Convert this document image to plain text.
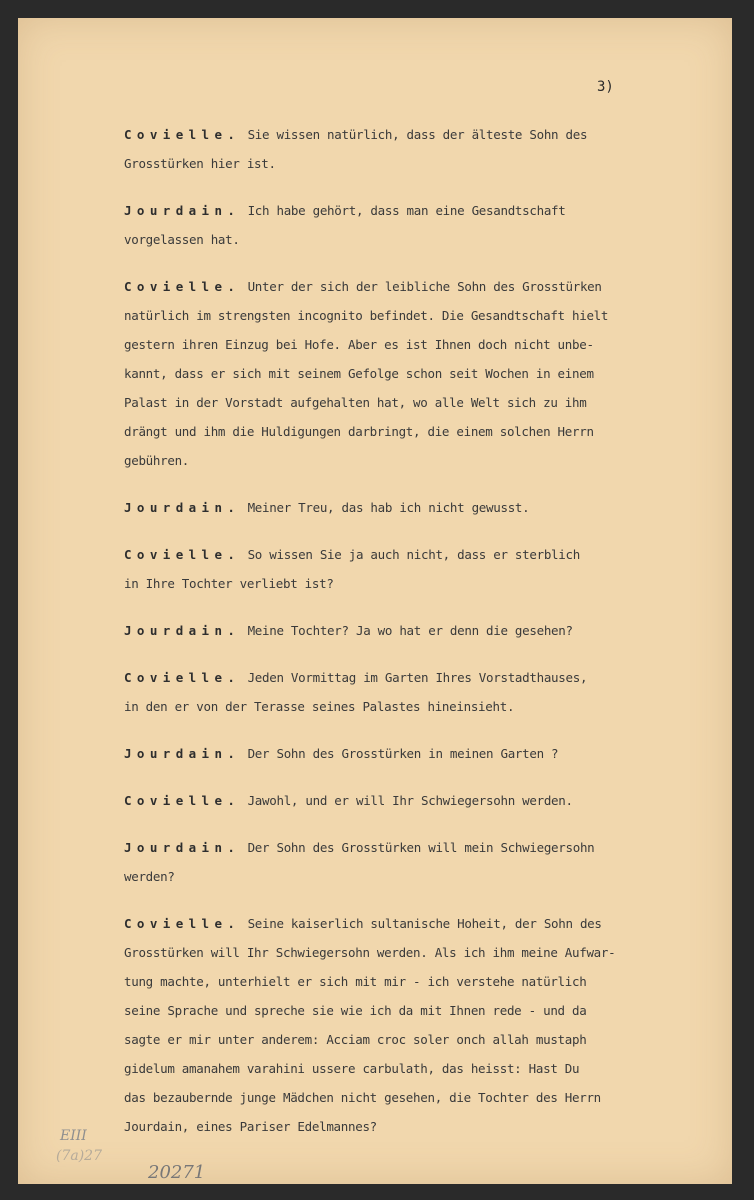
3)
Covielle. Sie wissen natürlich, dass der älteste Sohn des
Grosstürken hier ist.
Jourdain. Ich habe gehört, dass man eine Gesandtschaft
vorgelassen hat.
Covielle. Unter der sich der leibliche Sohn des Grosstürken
natürlich im strengsten incognito befindet. Die Gesandtschaft hielt
gestern ihren Einzug bei Hofe. Aber es ist Ihnen doch nicht unbe-
kannt, dass er sich mit seinem Gefolge schon seit Wochen in einem
Palast in der Vorstadt aufgehalten hat, wo alle Welt sich zu ihm
drängt und ihm die Huldigungen darbringt, die einem solchen Herrn
gebühren.
Jourdain. Meiner Treu, das hab ich nicht gewusst.
Covielle. So wissen Sie ja auch nicht, dass er sterblich
in Ihre Tochter verliebt ist?
Jourdain. Meine Tochter? Ja wo hat er denn die gesehen?
Covielle. Jeden Vormittag im Garten Ihres Vorstadthauses,
in den er von der Terasse seines Palastes hineinsieht.
Jourdain. Der Sohn des Grosstürken in meinen Garten ?
Covielle. Jawohl, und er will Ihr Schwiegersohn werden.
Jourdain. Der Sohn des Grosstürken will mein Schwiegersohn
werden?
Covielle. Seine kaiserlich sultanische Hoheit, der Sohn des
Grosstürken will Ihr Schwiegersohn werden. Als ich ihm meine Aufwar-
tung machte, unterhielt er sich mit mir - ich verstehe natürlich
seine Sprache und spreche sie wie ich da mit Ihnen rede - und da
sagte er mir unter anderem: Acciam croc soler onch allah mustaph
gidelum amanahem varahini ussere carbulath, das heisst: Hast Du
das bezaubernde junge Mädchen nicht gesehen, die Tochter des Herrn
Jourdain, eines Pariser Edelmannes?
EIII
(7a)27
20271
